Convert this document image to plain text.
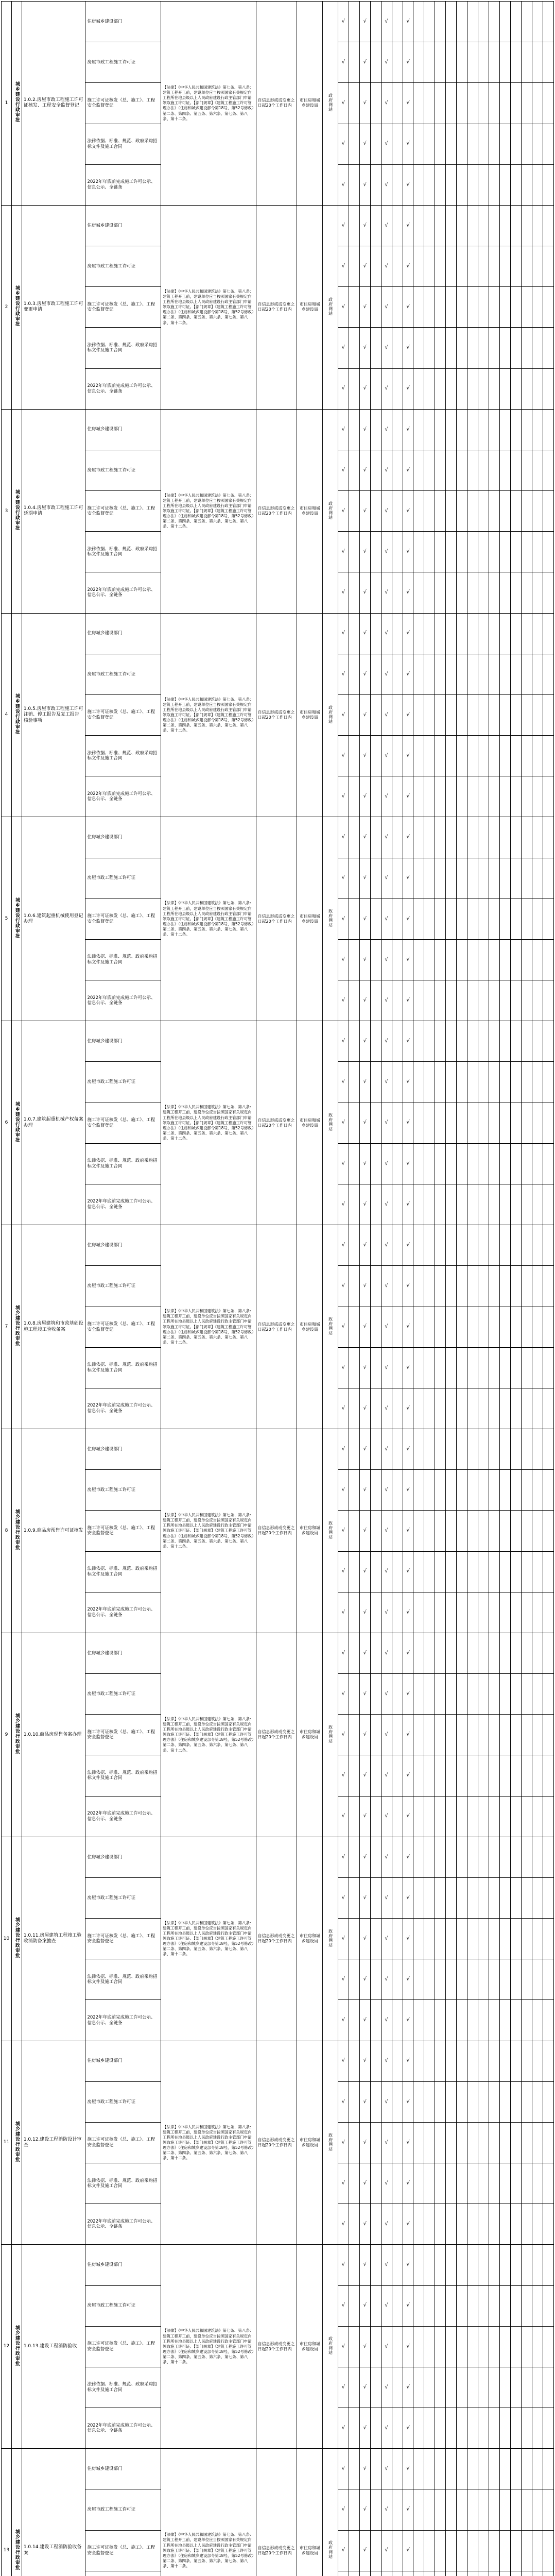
1	城乡建设行政审批	1.0.2.房屋市政工程施工许可证核发、工程安全监督登记	住房城乡建设部门	【法律】《中华人民共和国建筑法》第七条、第八条：建筑工程开工前，建设单位应当按照国家有关规定向工程所在地县级以上人民政府建设行政主管部门申请领取施工许可证。【部门规章】《建筑工程施工许可管理办法》（住房和城乡建设部令第18号，第52号修改）第二条、第四条、第五条、第六条、第七条、第八条、第十二条。	自信息形成或变更之日起20个工作日内	市住房和城乡建设局	政府网站	√		√		√		√													
			房屋市政工程施工许可证					√		√		√		√													
			施工许可证核发（总、施工）、工程安全监督登记					√		√		√		√													
			法律依据、标准、规范、政府采购招标文件及施工合同					√		√		√		√													
			2022年年底前完成施工许可公示、信息公示、全链条					√		√		√		√													
2	城乡建设行政审批	1.0.3.房屋市政工程施工许可变更申请	住房城乡建设部门	【法律】《中华人民共和国建筑法》第七条、第八条：建筑工程开工前，建设单位应当按照国家有关规定向工程所在地县级以上人民政府建设行政主管部门申请领取施工许可证。【部门规章】《建筑工程施工许可管理办法》（住房和城乡建设部令第18号，第52号修改）第二条、第四条、第五条、第六条、第七条、第八条、第十二条。	自信息形成或变更之日起20个工作日内	市住房和城乡建设局	政府网站	√		√		√		√													
			房屋市政工程施工许可证					√		√		√		√													
			施工许可证核发（总、施工）、工程安全监督登记					√		√		√		√													
			法律依据、标准、规范、政府采购招标文件及施工合同					√		√		√		√													
			2022年年底前完成施工许可公示、信息公示、全链条					√		√		√		√													
3	城乡建设行政审批	1.0.4.房屋市政工程施工许可延期申请	住房城乡建设部门	【法律】《中华人民共和国建筑法》第七条、第八条：建筑工程开工前，建设单位应当按照国家有关规定向工程所在地县级以上人民政府建设行政主管部门申请领取施工许可证。【部门规章】《建筑工程施工许可管理办法》（住房和城乡建设部令第18号，第52号修改）第二条、第四条、第五条、第六条、第七条、第八条、第十二条。	自信息形成或变更之日起20个工作日内	市住房和城乡建设局	政府网站	√		√		√		√													
			房屋市政工程施工许可证					√		√		√		√													
			施工许可证核发（总、施工）、工程安全监督登记					√		√		√		√													
			法律依据、标准、规范、政府采购招标文件及施工合同					√		√		√		√													
			2022年年底前完成施工许可公示、信息公示、全链条					√		√		√		√													
4	城乡建设行政审批	1.0.5.房屋市政工程施工许可注销、停工报告及复工报告核验事项	住房城乡建设部门	【法律】《中华人民共和国建筑法》第七条、第八条：建筑工程开工前，建设单位应当按照国家有关规定向工程所在地县级以上人民政府建设行政主管部门申请领取施工许可证。【部门规章】《建筑工程施工许可管理办法》（住房和城乡建设部令第18号，第52号修改）第二条、第四条、第五条、第六条、第七条、第八条、第十二条。	自信息形成或变更之日起20个工作日内	市住房和城乡建设局	政府网站	√		√		√		√													
			房屋市政工程施工许可证					√		√		√		√													
			施工许可证核发（总、施工）、工程安全监督登记					√		√		√		√													
			法律依据、标准、规范、政府采购招标文件及施工合同					√		√		√		√													
			2022年年底前完成施工许可公示、信息公示、全链条					√		√		√		√													
5	城乡建设行政审批	1.0.6.建筑起重机械使用登记办理	住房城乡建设部门	【法律】《中华人民共和国建筑法》第七条、第八条：建筑工程开工前，建设单位应当按照国家有关规定向工程所在地县级以上人民政府建设行政主管部门申请领取施工许可证。【部门规章】《建筑工程施工许可管理办法》（住房和城乡建设部令第18号，第52号修改）第二条、第四条、第五条、第六条、第七条、第八条、第十二条。	自信息形成或变更之日起20个工作日内	市住房和城乡建设局	政府网站	√		√		√		√													
			房屋市政工程施工许可证					√		√		√		√													
			施工许可证核发（总、施工）、工程安全监督登记					√		√		√		√													
			法律依据、标准、规范、政府采购招标文件及施工合同					√		√		√		√													
			2022年年底前完成施工许可公示、信息公示、全链条					√		√		√		√													
6	城乡建设行政审批	1.0.7.建筑起重机械产权备案办理	住房城乡建设部门	【法律】《中华人民共和国建筑法》第七条、第八条：建筑工程开工前，建设单位应当按照国家有关规定向工程所在地县级以上人民政府建设行政主管部门申请领取施工许可证。【部门规章】《建筑工程施工许可管理办法》（住房和城乡建设部令第18号，第52号修改）第二条、第四条、第五条、第六条、第七条、第八条、第十二条。	自信息形成或变更之日起20个工作日内	市住房和城乡建设局	政府网站	√		√		√		√													
			房屋市政工程施工许可证					√		√		√		√													
			施工许可证核发（总、施工）、工程安全监督登记					√		√		√		√													
			法律依据、标准、规范、政府采购招标文件及施工合同					√		√		√		√													
			2022年年底前完成施工许可公示、信息公示、全链条					√		√		√		√													
7	城乡建设行政审批	1.0.8.房屋建筑和市政基础设施工程竣工验收备案	住房城乡建设部门	【法律】《中华人民共和国建筑法》第七条、第八条：建筑工程开工前，建设单位应当按照国家有关规定向工程所在地县级以上人民政府建设行政主管部门申请领取施工许可证。【部门规章】《建筑工程施工许可管理办法》（住房和城乡建设部令第18号，第52号修改）第二条、第四条、第五条、第六条、第七条、第八条、第十二条。	自信息形成或变更之日起20个工作日内	市住房和城乡建设局	政府网站	√		√		√		√													
			房屋市政工程施工许可证					√		√		√		√													
			施工许可证核发（总、施工）、工程安全监督登记					√		√		√		√													
			法律依据、标准、规范、政府采购招标文件及施工合同					√		√		√		√													
			2022年年底前完成施工许可公示、信息公示、全链条					√		√		√		√													
8	城乡建设行政审批	1.0.9.商品房预售许可证核发	住房城乡建设部门	【法律】《中华人民共和国建筑法》第七条、第八条：建筑工程开工前，建设单位应当按照国家有关规定向工程所在地县级以上人民政府建设行政主管部门申请领取施工许可证。【部门规章】《建筑工程施工许可管理办法》（住房和城乡建设部令第18号，第52号修改）第二条、第四条、第五条、第六条、第七条、第八条、第十二条。	自信息形成或变更之日起20个工作日内	市住房和城乡建设局	政府网站	√		√		√		√													
			房屋市政工程施工许可证					√		√		√		√													
			施工许可证核发（总、施工）、工程安全监督登记					√		√		√		√													
			法律依据、标准、规范、政府采购招标文件及施工合同					√		√		√		√													
			2022年年底前完成施工许可公示、信息公示、全链条					√		√		√		√													
9	城乡建设行政审批	1.0.10.商品房现售备案办理	住房城乡建设部门	【法律】《中华人民共和国建筑法》第七条、第八条：建筑工程开工前，建设单位应当按照国家有关规定向工程所在地县级以上人民政府建设行政主管部门申请领取施工许可证。【部门规章】《建筑工程施工许可管理办法》（住房和城乡建设部令第18号，第52号修改）第二条、第四条、第五条、第六条、第七条、第八条、第十二条。	自信息形成或变更之日起20个工作日内	市住房和城乡建设局	政府网站	√		√		√		√													
			房屋市政工程施工许可证					√		√		√		√													
			施工许可证核发（总、施工）、工程安全监督登记					√		√		√		√													
			法律依据、标准、规范、政府采购招标文件及施工合同					√		√		√		√													
			2022年年底前完成施工许可公示、信息公示、全链条					√		√		√		√													
10	城乡建设行政审批	1.0.11.房屋建筑工程竣工验收消防备案抽查	住房城乡建设部门	【法律】《中华人民共和国建筑法》第七条、第八条：建筑工程开工前，建设单位应当按照国家有关规定向工程所在地县级以上人民政府建设行政主管部门申请领取施工许可证。【部门规章】《建筑工程施工许可管理办法》（住房和城乡建设部令第18号，第52号修改）第二条、第四条、第五条、第六条、第七条、第八条、第十二条。	自信息形成或变更之日起20个工作日内	市住房和城乡建设局	政府网站	√		√		√		√													
			房屋市政工程施工许可证					√		√		√		√													
			施工许可证核发（总、施工）、工程安全监督登记					√		√		√		√													
			法律依据、标准、规范、政府采购招标文件及施工合同					√		√		√		√													
			2022年年底前完成施工许可公示、信息公示、全链条					√		√		√		√													
11	城乡建设行政审批	1.0.12.建设工程消防设计审查	住房城乡建设部门	【法律】《中华人民共和国建筑法》第七条、第八条：建筑工程开工前，建设单位应当按照国家有关规定向工程所在地县级以上人民政府建设行政主管部门申请领取施工许可证。【部门规章】《建筑工程施工许可管理办法》（住房和城乡建设部令第18号，第52号修改）第二条、第四条、第五条、第六条、第七条、第八条、第十二条。	自信息形成或变更之日起20个工作日内	市住房和城乡建设局	政府网站	√		√		√		√													
			房屋市政工程施工许可证					√		√		√		√													
			施工许可证核发（总、施工）、工程安全监督登记					√		√		√		√													
			法律依据、标准、规范、政府采购招标文件及施工合同					√		√		√		√													
			2022年年底前完成施工许可公示、信息公示、全链条					√		√		√		√													
12	城乡建设行政审批	1.0.13.建设工程消防验收	住房城乡建设部门	【法律】《中华人民共和国建筑法》第七条、第八条：建筑工程开工前，建设单位应当按照国家有关规定向工程所在地县级以上人民政府建设行政主管部门申请领取施工许可证。【部门规章】《建筑工程施工许可管理办法》（住房和城乡建设部令第18号，第52号修改）第二条、第四条、第五条、第六条、第七条、第八条、第十二条。	自信息形成或变更之日起20个工作日内	市住房和城乡建设局	政府网站	√		√		√		√													
			房屋市政工程施工许可证					√		√		√		√													
			施工许可证核发（总、施工）、工程安全监督登记					√		√		√		√													
			法律依据、标准、规范、政府采购招标文件及施工合同					√		√		√		√													
			2022年年底前完成施工许可公示、信息公示、全链条					√		√		√		√													
13	城乡建设行政审批	1.0.14.建设工程消防验收备案	住房城乡建设部门	【法律】《中华人民共和国建筑法》第七条、第八条：建筑工程开工前，建设单位应当按照国家有关规定向工程所在地县级以上人民政府建设行政主管部门申请领取施工许可证。【部门规章】《建筑工程施工许可管理办法》（住房和城乡建设部令第18号，第52号修改）第二条、第四条、第五条、第六条、第七条、第八条、第十二条。	自信息形成或变更之日起20个工作日内	市住房和城乡建设局	政府网站	√		√		√		√													
			房屋市政工程施工许可证					√		√		√		√													
			施工许可证核发（总、施工）、工程安全监督登记					√		√		√		√													
